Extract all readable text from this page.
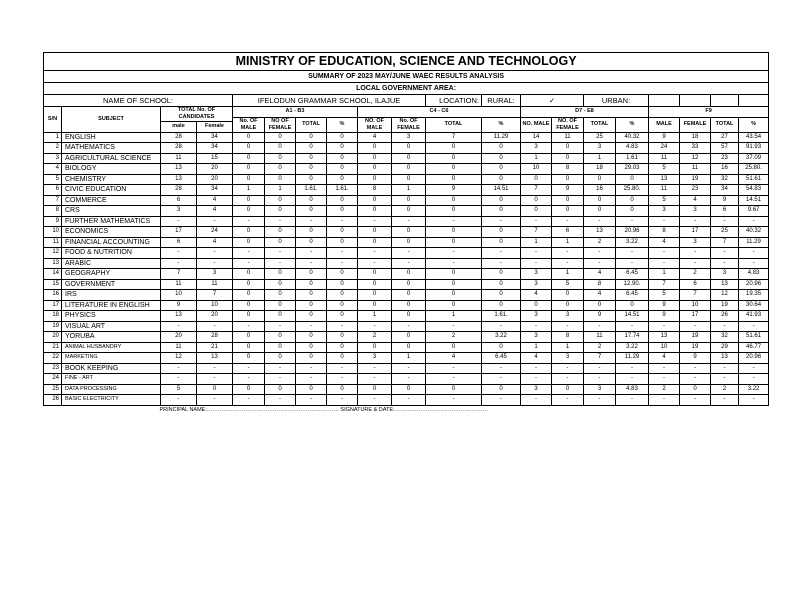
MINISTRY OF EDUCATION, SCIENCE AND TECHNOLOGY																			
SUMMARY OF 2023 MAY/JUNE WAEC RESULTS ANALYSIS																			
LOCAL GOVERNMENT AREA:																			
NAME OF SCHOOL:				IFELODUN GRAMMAR SCHOOL, ILAJUE						LOCATION:	RURAL:	✓		URBAN:					
S/N	SUBJECT	TOTAL No. OF CANDIDATES		A1 - B3				C4 - C6				D7 - E8				F9			
				No. OF MALE	NO OF FEMALE	TOTAL	%	NO. OF MALE	No. OF FEMALE	TOTAL	%	NO. MALE	NO. OF FEMALE	TOTAL	%	MALE	FEMALE	TOTAL	%

		male	Female																
1	ENGLISH	28	34	0	0	0	0	4	3	7	11.29	14	11	25	40.32	9	18	27	43.54
2	MATHEMATICS	28	34	0	0	0	0	0	0	0	0	3	0	3	4.83	24	33	57	91.93
3	AGRICULTURAL SCIENCE	11	15	0	0	0	0	0	0	0	0	1	0	1	1.61	11	12	23	37.09
4	BIOLOGY	13	20	0	0	0	0	0	0	0	0	10	8	18	29.03	5	11	16	25.80.
5	CHEMISTRY	13	20	0	0	0	0	0	0	0	0	0	0	0	0	13	19	32	51.61
6	CIVIC EDUCATION	28	34	1	1	1.61.	1.61.	8	1	9	14.51	7	9	16	25.80.	11	23	34	54.83
7	COMMERCE	6	4	0	0	0	0	0	0	0	0	0	0	0	0	5	4	9	14.51
8	CRS	3	4	0	0	0	0	0	0	0	0	0	0	0	0	3	3	6	9.67
9	FURTHER MATHEMATICS	-	-	-	-	-	-	-	-	-	-	-	-	-	-	-	-	-	-
10	ECONOMICS	17	24	0	0	0	0	0	0	0	0	7	6	13	20.96	8	17	25	40.32
11	FINANCIAL ACCOUNTING	6	4	0	0	0	0	0	0	0	0	1	1	2	3.22	4	3	7	11.29
12	FOOD & NUTRITION	-	-	-	-	-	-	-	-	-	-	-	-	-	-	-	-	-	-
13	ARABIC	-	-	-	-	-	-	-	-	-	-	-	-	-	-	-	-	-	-
14	GEOGRAPHY	7	3	0	0	0	0	0	0	0	0	3	1	4	6.45	1	2	3	4.83
15	GOVERNMENT	11	11	0	0	0	0	0	0	0	0	3	5	8	12.90.	7	6	13	20.96
16	IRS	10	7	0	0	0	0	0	0	0	0	4	0	4	6.45	5	7	12	19.35
17	LITERATURE IN ENGLISH	9	10	0	0	0	0	0	0	0	0	0	0	0	0	9	10	19	30.64
18	PHYSICS	13	20	0	0	0	0	1	0	1	1.61.	3	3	9	14.51	9	17	26	41.93
19	VISUAL ART	-	-	-	-	-	-	-	-	-	-	-	-	-	-	-	-	-	-
20	YORUBA	20	28	0	0	0	0	2	0	2	3.22	3	8	11	17.74	13	19	32	51.61
21	ANIMAL HUSBANDRY	11	21	0	0	0	0	0	0	0	0	1	1	2	3.22	10	19	29	46.77
22	MARKETING	12	13	0	0	0	0	3	1	4	6.45	4	3	7	11.29	4	9	13	20.96
23	BOOK KEEPING	-	-	-	-	-	-	-	-	-	-	-	-	-	-	-	-	-	-
24	FINE - ART	-	-	-	-	-	-	-	-	-	-	-	-	-	-	-	-	-	-
25	DATA PROCESSING	5	0	0	0	0	0	0	0	0	0	3	0	3	4.83	2	0	2	3.22
26	BASIC ELECTRICITY	-	-	-	-	-	-	-	-	-	-	-	-	-	-	-	-	-	-
PRINCIPAL NAME:……………………………………………………………… SIGNATURE & DATE:……………………………………………																			
